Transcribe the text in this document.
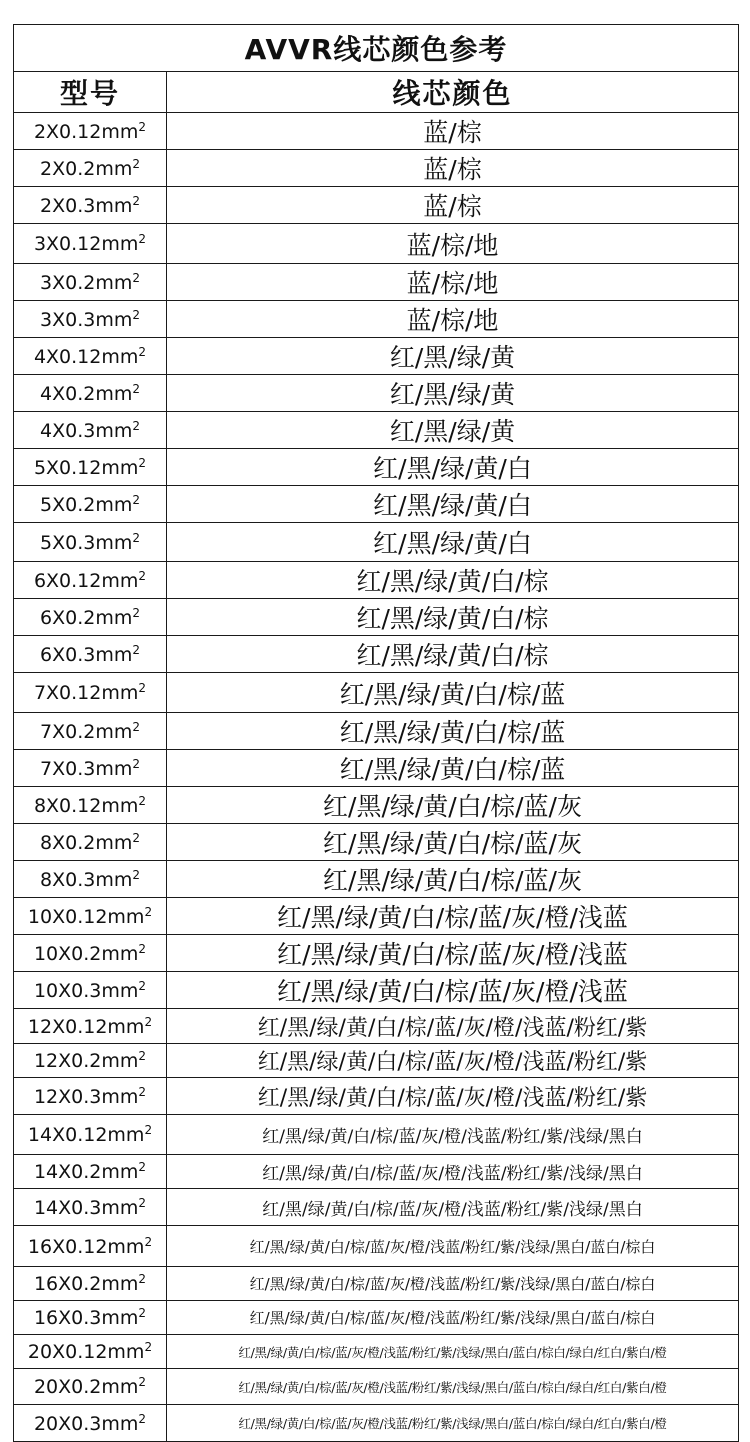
AVVR线芯颜色参考	
型号	线芯颜色
$2X0.12mm^2$	蓝/棕
$2X0.2mm^2$	蓝/棕
$2X0.3mm^2$	蓝/棕
$3X0.12mm^2$	蓝/棕/地
$3X0.2mm^2$	蓝/棕/地
$3X0.3mm^2$	蓝/棕/地
$4X0.12mm^2$	红/黑/绿/黄
$4X0.2mm^2$	红/黑/绿/黄
$4X0.3mm^2$	红/黑/绿/黄
$5X0.12mm^2$	红/黑/绿/黄/白
$5X0.2mm^2$	红/黑/绿/黄/白
$5X0.3mm^2$	红/黑/绿/黄/白
$6X0.12mm^2$	红/黑/绿/黄/白/棕
$6X0.2mm^2$	红/黑/绿/黄/白/棕
$6X0.3mm^2$	红/黑/绿/黄/白/棕
$7X0.12mm^2$	红/黑/绿/黄/白/棕/蓝
$7X0.2mm^2$	红/黑/绿/黄/白/棕/蓝
$7X0.3mm^2$	红/黑/绿/黄/白/棕/蓝
$8X0.12mm^2$	红/黑/绿/黄/白/棕/蓝/灰
$8X0.2mm^2$	红/黑/绿/黄/白/棕/蓝/灰
$8X0.3mm^2$	红/黑/绿/黄/白/棕/蓝/灰
$10X0.12mm^2$	红/黑/绿/黄/白/棕/蓝/灰/橙/浅蓝
$10X0.2mm^2$	红/黑/绿/黄/白/棕/蓝/灰/橙/浅蓝
$10X0.3mm^2$	红/黑/绿/黄/白/棕/蓝/灰/橙/浅蓝
$12X0.12mm^2$	红/黑/绿/黄/白/棕/蓝/灰/橙/浅蓝/粉红/紫
$12X0.2mm^2$	红/黑/绿/黄/白/棕/蓝/灰/橙/浅蓝/粉红/紫
$12X0.3mm^2$	红/黑/绿/黄/白/棕/蓝/灰/橙/浅蓝/粉红/紫
$14X0.12mm^2$	红/黑/绿/黄/白/棕/蓝/灰/橙/浅蓝/粉红/紫/浅绿/黑白
$14X0.2mm^2$	红/黑/绿/黄/白/棕/蓝/灰/橙/浅蓝/粉红/紫/浅绿/黑白
$14X0.3mm^2$	红/黑/绿/黄/白/棕/蓝/灰/橙/浅蓝/粉红/紫/浅绿/黑白
$16X0.12mm^2$	红/黑/绿/黄/白/棕/蓝/灰/橙/浅蓝/粉红/紫/浅绿/黑白/蓝白/棕白
$16X0.2mm^2$	红/黑/绿/黄/白/棕/蓝/灰/橙/浅蓝/粉红/紫/浅绿/黑白/蓝白/棕白
$16X0.3mm^2$	红/黑/绿/黄/白/棕/蓝/灰/橙/浅蓝/粉红/紫/浅绿/黑白/蓝白/棕白
$20X0.12mm^2$	红/黑/绿/黄/白/棕/蓝/灰/橙/浅蓝/粉红/紫/浅绿/黑白/蓝白/棕白/绿白/红白/紫白/橙
$20X0.2mm^2$	红/黑/绿/黄/白/棕/蓝/灰/橙/浅蓝/粉红/紫/浅绿/黑白/蓝白/棕白/绿白/红白/紫白/橙
$20X0.3mm^2$	红/黑/绿/黄/白/棕/蓝/灰/橙/浅蓝/粉红/紫/浅绿/黑白/蓝白/棕白/绿白/红白/紫白/橙
